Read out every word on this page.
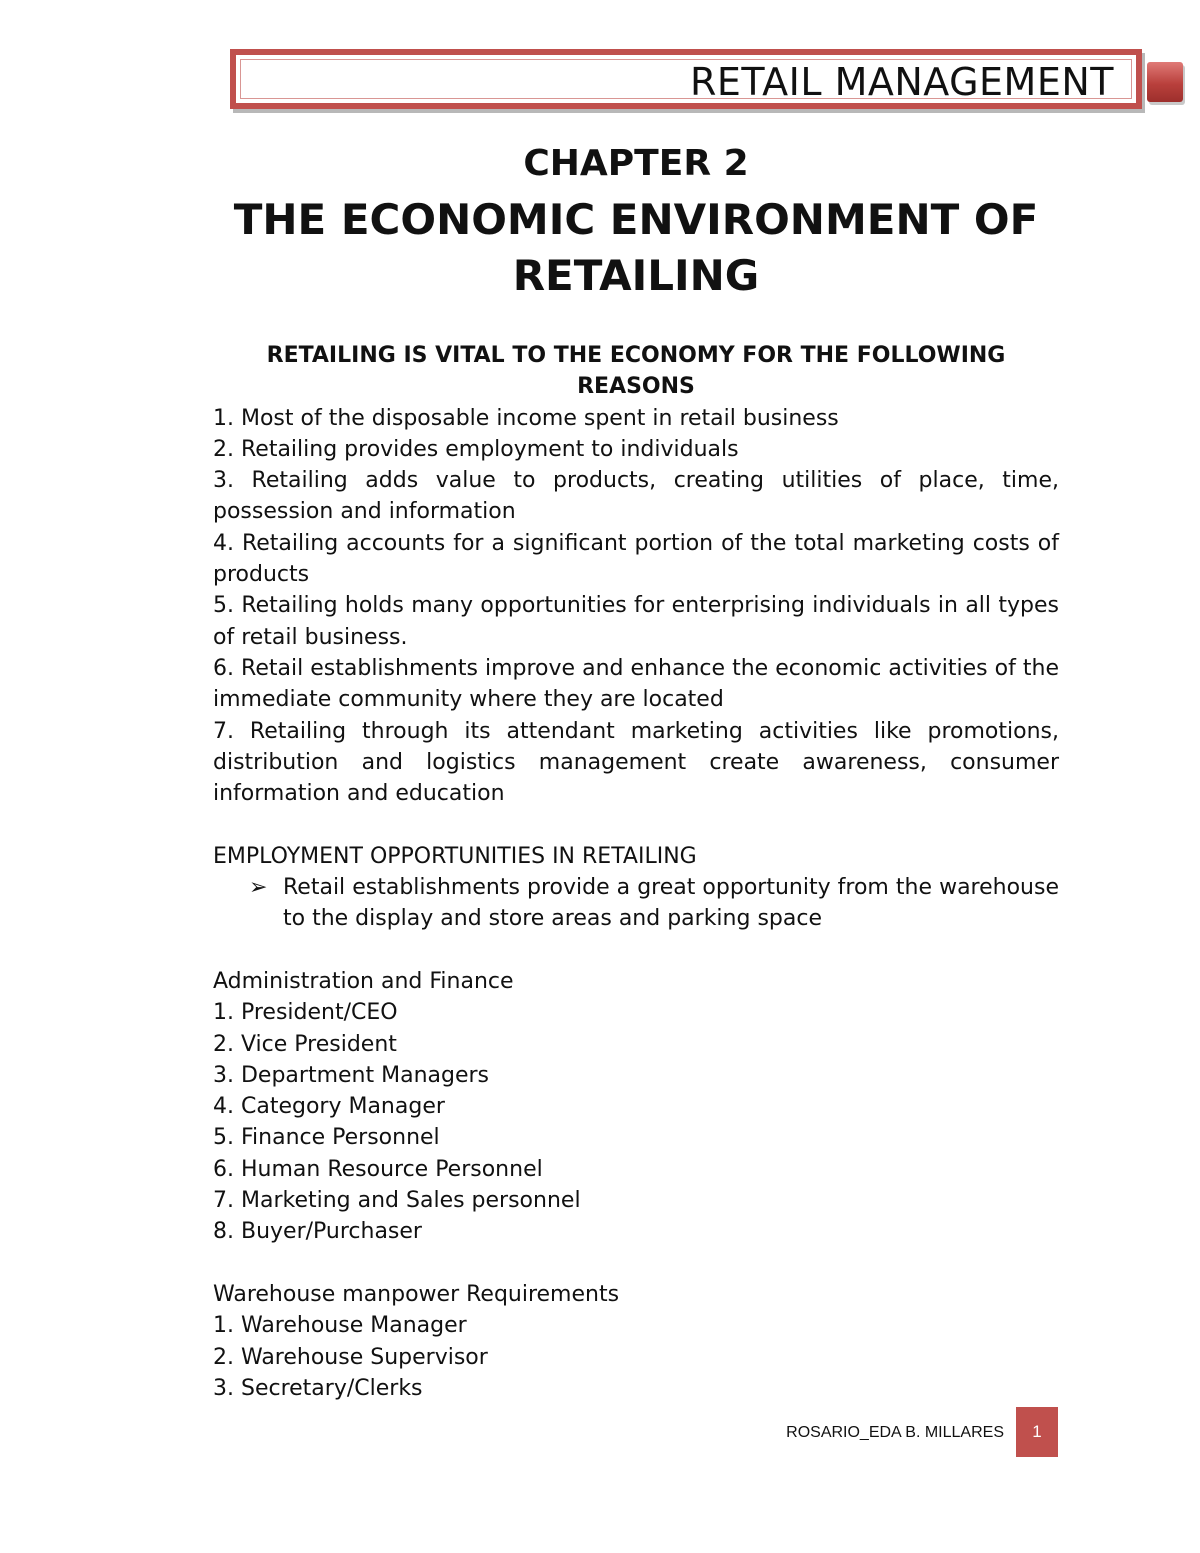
RETAIL MANAGEMENT
CHAPTER 2
THE ECONOMIC ENVIRONMENT OF
RETAILING

RETAILING IS VITAL TO THE ECONOMY FOR THE FOLLOWING
REASONS

1. Most of the disposable income spent in retail business

2. Retailing provides employment to individuals

3. Retailing adds value to products, creating utilities of place, time, possession and information

4. Retailing accounts for a significant portion of the total marketing costs of products

5. Retailing holds many opportunities for enterprising individuals in all types of retail business.

6. Retail establishments improve and enhance the economic activities of the immediate community where they are located

7. Retailing through its attendant marketing activities like promotions, distribution and logistics management create awareness, consumer information and education

EMPLOYMENT OPPORTUNITIES IN RETAILING

➢ Retail establishments provide a great opportunity from the warehouse to the display and store areas and parking space

Administration and Finance

1. President/CEO

2. Vice President

3. Department Managers

4. Category Manager

5. Finance Personnel

6. Human Resource Personnel

7. Marketing and Sales personnel

8. Buyer/Purchaser

Warehouse manpower Requirements

1. Warehouse Manager

2. Warehouse Supervisor

3. Secretary/Clerks

ROSARIO_EDA B. MILLARES	1
